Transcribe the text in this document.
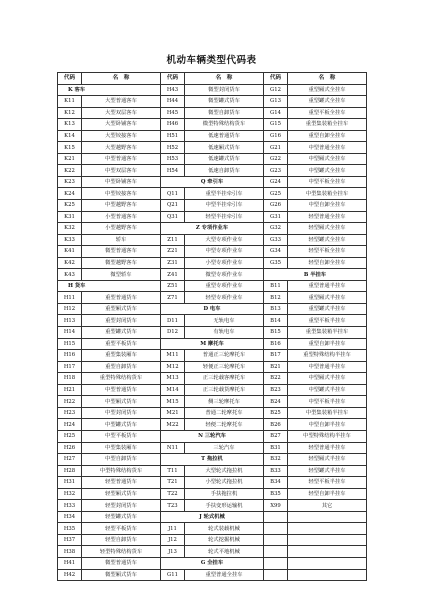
机动车辆类型代码表
代码	名　称	代码	名　称	代码	名　称
K 客车		H43	微型封闭货车	G12	重型厢式全挂车
K11	大型普通客车	H44	微型罐式货车	G13	重型罐式全挂车
K12	大型双层客车	H45	微型自卸货车	G14	重型平板全挂车
K13	大型卧铺客车	H46	微型特殊结构货车	G15	重型集装箱全挂车
K14	大型铰接客车	H51	低速普通货车	G16	重型自卸全挂车
K15	大型越野客车	H52	低速厢式货车	G21	中型普通全挂车
K21	中型普通客车	H53	低速罐式货车	G22	中型厢式全挂车
K22	中型双层客车	H54	低速自卸货车	G23	中型罐式全挂车
K23	中型卧铺客车	Q 牵引车		G24	中型平板全挂车
K24	中型铰接客车	Q11	重型半挂牵引车	G25	中型集装箱全挂车
K25	中型越野客车	Q21	中型半挂牵引车	G26	中型自卸全挂车
K31	小型普通客车	Q31	轻型半挂牵引车	G31	轻型普通全挂车
K32	小型越野客车	Z 专项作业车		G32	轻型厢式全挂车
K33	轿车	Z11	大型专项作业车	G33	轻型罐式全挂车
K41	微型普通客车	Z21	中型专项作业车	G34	轻型平板全挂车
K42	微型越野客车	Z31	小型专项作业车	G35	轻型自卸全挂车
K43	微型轿车	Z41	微型专项作业车	B 半挂车	
H 货车		Z51	重型专项作业车	B11	重型普通半挂车
H11	重型普通货车	Z71	轻型专项作业车	B12	重型厢式半挂车
H12	重型厢式货车	D 电车		B13	重型罐式半挂车
H13	重型封闭货车	D11	无轨电车	B14	重型平板半挂车
H14	重型罐式货车	D12	有轨电车	B15	重型集装箱半挂车
H15	重型平板货车	M 摩托车		B16	重型自卸半挂车
H16	重型集装厢车	M11	普通正三轮摩托车	B17	重型特殊结构半挂车
H17	重型自卸货车	M12	轻便正三轮摩托车	B21	中型普通半挂车
H18	重型特殊结构货车	M13	正三轮载客摩托车	B22	中型厢式半挂车
H21	中型普通货车	M14	正三轮载货摩托车	B23	中型罐式半挂车
H22	中型厢式货车	M15	侧三轮摩托车	B24	中型平板半挂车
H23	中型封闭货车	M21	普通二轮摩托车	B25	中型集装箱半挂车
H24	中型罐式货车	M22	轻便二轮摩托车	B26	中型自卸半挂车
H25	中型平板货车	N 三轮汽车		B27	中型特殊结构半挂车
H26	中型集装厢车	N11	三轮汽车	B31	轻型普通半挂车
H27	中型自卸货车	T 拖拉机		B32	轻型厢式半挂车
H28	中型特殊结构货车	T11	大型轮式拖拉机	B33	轻型罐式半挂车
H31	轻型普通货车	T21	小型轮式拖拉机	B34	轻型平板半挂车
H32	轻型厢式货车	T22	手扶拖拉机	B35	轻型自卸半挂车
H33	轻型封闭货车	T23	手扶变形运输机	X99	其它
H34	轻型罐式货车	J 轮式机械			
H35	轻型平板货车	J11	轮式装载机械		
H37	轻型自卸货车	J12	轮式挖掘机械		
H38	轻型特殊结构货车	J13	轮式平地机械		
H41	微型普通货车	G 全挂车			
H42	微型厢式货车	G11	重型普通全挂车		
